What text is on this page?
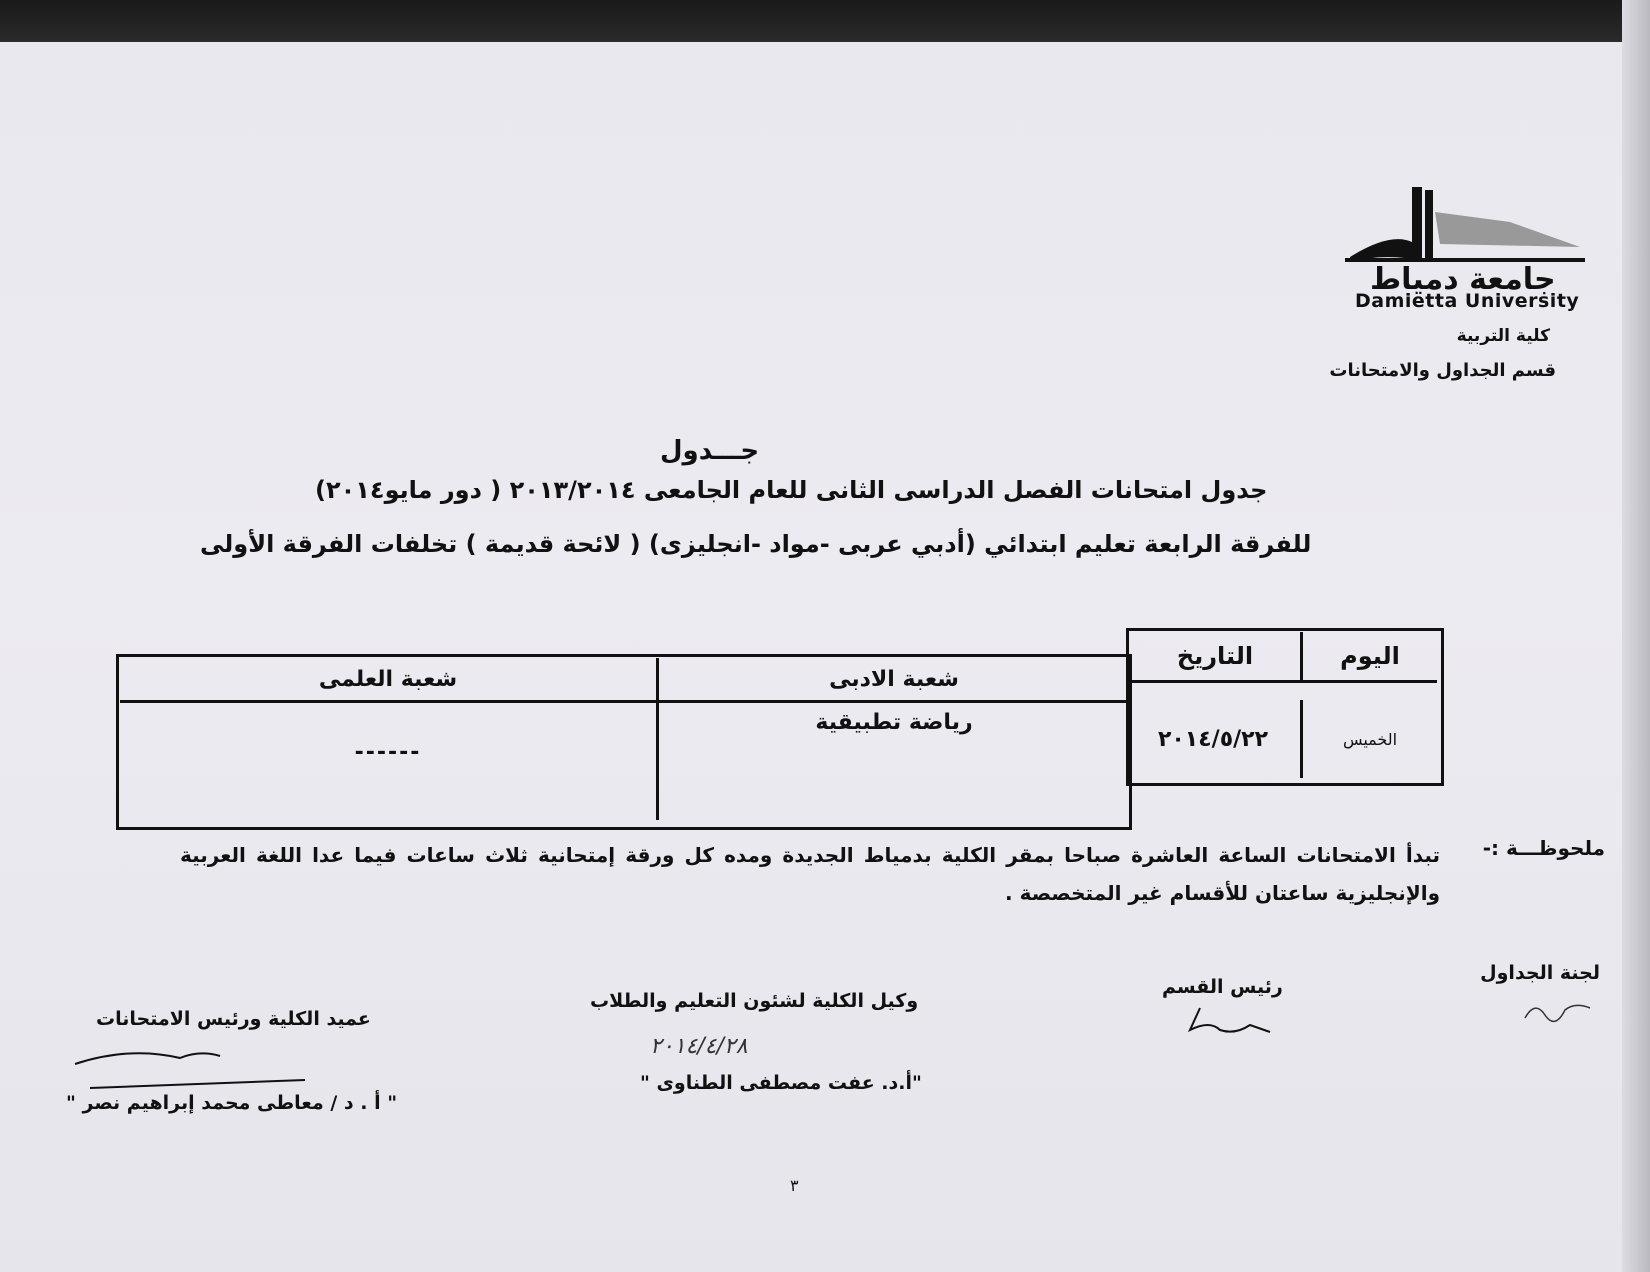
جامعة دمياط
Damietta University
كلية التربية
قسم الجداول والامتحانات
جـــدول
جدول امتحانات الفصل الدراسى الثانى للعام الجامعى ٢٠١٣/٢٠١٤ ( دور مايو٢٠١٤)
للفرقة الرابعة تعليم ابتدائي (أدبي عربى -مواد -انجليزى) ( لائحة قديمة ) تخلفات الفرقة الأولى
اليوم
التاريخ
شعبة الادبى
شعبة العلمى
الخميس
٢٠١٤/٥/٢٢
رياضة تطبيقية
------
ملحوظـــة :-
تبدأ الامتحانات الساعة العاشرة صباحا بمقر الكلية بدمياط الجديدة ومده كل ورقة إمتحانية ثلاث ساعات فيما عدا اللغة العربية والإنجليزية ساعتان للأقسام غير المتخصصة .
لجنة الجداول
رئيس القسم
وكيل الكلية لشئون التعليم والطلاب
٢٠١٤/٤/٢٨
"أ.د. عفت مصطفى الطناوى "
عميد الكلية ورئيس الامتحانات
" أ . د / معاطى محمد إبراهيم نصر "
٣
